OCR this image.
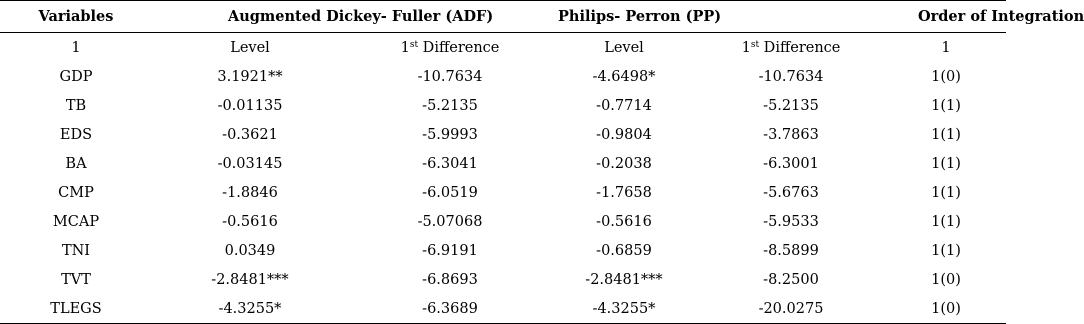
Variables	Augmented Dickey- Fuller (ADF)		Philips- Perron (PP)		Order of Integration
1	Level	1st Difference	Level	1st Difference	1
GDP	3.1921**	-10.7634	-4.6498*	-10.7634	1(0)
TB	-0.01135	-5.2135	-0.7714	-5.2135	1(1)
EDS	-0.3621	-5.9993	-0.9804	-3.7863	1(1)
BA	-0.03145	-6.3041	-0.2038	-6.3001	1(1)
CMP	-1.8846	-6.0519	-1.7658	-5.6763	1(1)
MCAP	-0.5616	-5.07068	-0.5616	-5.9533	1(1)
TNI	0.0349	-6.9191	-0.6859	-8.5899	1(1)
TVT	-2.8481***	-6.8693	-2.8481***	-8.2500	1(0)
TLEGS	-4.3255*	-6.3689	-4.3255*	-20.0275	1(0)
